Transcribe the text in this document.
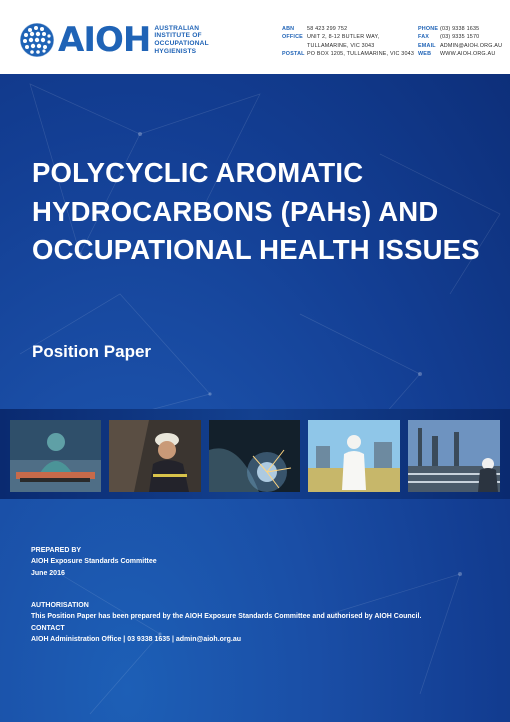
AIOH AUSTRALIAN
INSTITUTE OF
OCCUPATIONAL
HYGIENISTS
ABN	58 423 299 752
OFFICE UNIT 2, 8-12 BUTLER WAY,
TULLAMARINE, VIC 3043
POSTAL PO BOX 1205, TULLAMARINE, VIC 3043
PHONE (03) 9338 1635
FAX	(03) 9335 1570
EMAIL ADMIN@AIOH.ORG.AU
WEB	WWW.AIOH.ORG.AU
POLYCYCLIC AROMATIC
HYDROCARBONS (PAHs) AND
OCCUPATIONAL HEALTH ISSUES
Position Paper
PREPARED BY
AIOH Exposure Standards Committee
June 2016
AUTHORISATION
This Position Paper has been prepared by the AIOH Exposure Standards Committee and authorised by AIOH Council.
CONTACT
AIOH Administration Office | 03 9338 1635 | admin@aioh.org.au
